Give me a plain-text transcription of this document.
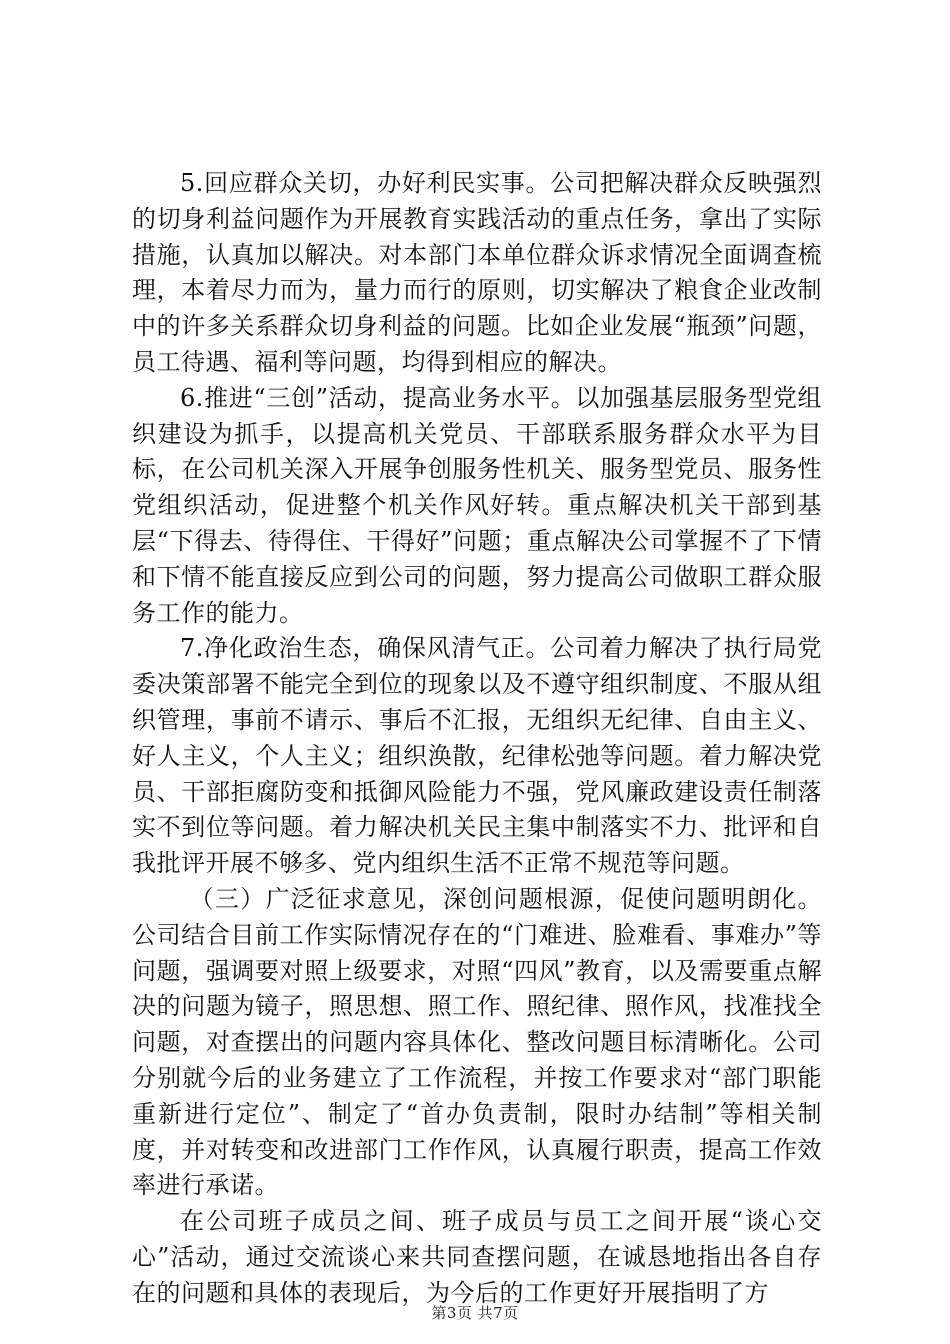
5.回应群众关切，办好利民实事。公司把解决群众反映强烈的切身利益问题作为开展教育实践活动的重点任务，拿出了实际措施，认真加以解决。对本部门本单位群众诉求情况全面调查梳理，本着尽力而为，量力而行的原则，切实解决了粮食企业改制中的许多关系群众切身利益的问题。比如企业发展“瓶颈”问题，员工待遇、福利等问题，均得到相应的解决。

6.推进“三创”活动，提高业务水平。以加强基层服务型党组织建设为抓手，以提高机关党员、干部联系服务群众水平为目标，在公司机关深入开展争创服务性机关、服务型党员、服务性党组织活动，促进整个机关作风好转。重点解决机关干部到基层“下得去、待得住、干得好”问题；重点解决公司掌握不了下情和下情不能直接反应到公司的问题，努力提高公司做职工群众服务工作的能力。

7.净化政治生态，确保风清气正。公司着力解决了执行局党委决策部署不能完全到位的现象以及不遵守组织制度、不服从组织管理，事前不请示、事后不汇报，无组织无纪律、自由主义、好人主义，个人主义；组织涣散，纪律松弛等问题。着力解决党员、干部拒腐防变和抵御风险能力不强，党风廉政建设责任制落实不到位等问题。着力解决机关民主集中制落实不力、批评和自我批评开展不够多、党内组织生活不正常不规范等问题。

（三）广泛征求意见，深创问题根源，促使问题明朗化。公司结合目前工作实际情况存在的“门难进、脸难看、事难办”等问题，强调要对照上级要求，对照“四风”教育，以及需要重点解决的问题为镜子，照思想、照工作、照纪律、照作风，找准找全问题，对查摆出的问题内容具体化、整改问题目标清晰化。公司分别就今后的业务建立了工作流程，并按工作要求对“部门职能重新进行定位”、制定了“首办负责制，限时办结制”等相关制度，并对转变和改进部门工作作风，认真履行职责，提高工作效率进行承诺。

在公司班子成员之间、班子成员与员工之间开展“谈心交心”活动，通过交流谈心来共同查摆问题，在诚恳地指出各自存在的问题和具体的表现后，为今后的工作更好开展指明了方

第3页 共7页
